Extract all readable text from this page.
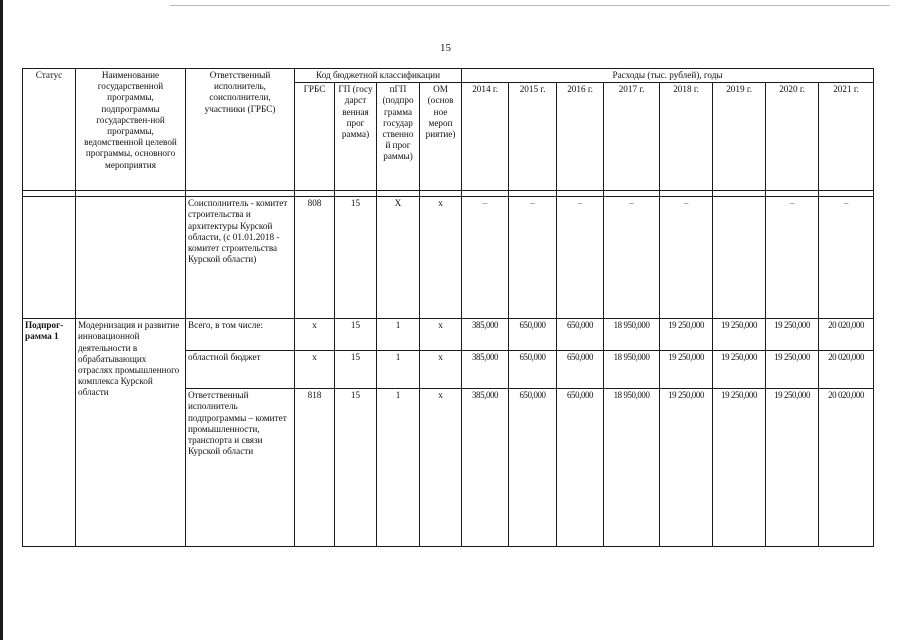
15
Статус	Наименование государственной программы, подпрограммы государствен-ной программы, ведомственной целевой программы, основного мероприятия	Ответственный исполнитель, соисполнители, участники (ГРБС)	Код бюджетной классификации				Расходы (тыс. рублей), годы							
			ГРБС	ГП (госу дарст венная прог рамма)	пГП (подпро грамма государ ственно й прог раммы)	ОМ (основ ное мероп риятие)	2014 г.	2015 г.	2016 г.	2017 г.	2018 г.	2019 г.	2020 г.	2021 г.

		Соисполнитель - комитет строительства и архитектуры Курской области, (с 01.01.2018 - комитет строительства Курской области)	808	15	Х	х	–	–	–	–	–		–	–
Подпрог-рамма 1	Модернизация и развитие инновационной деятельности в обрабатывающих отраслях промышленного комплекса Курской области	Всего, в том числе:	х	15	1	х	385,000	650,000	650,000	18 950,000	19 250,000	19 250,000	19 250,000	20 020,000
		областной бюджет	х	15	1	х	385,000	650,000	650,000	18 950,000	19 250,000	19 250,000	19 250,000	20 020,000
		Ответственный исполнитель подпрограммы – комитет промышленности, транспорта и связи Курской области	818	15	1	х	385,000	650,000	650,000	18 950,000	19 250,000	19 250,000	19 250,000	20 020,000
